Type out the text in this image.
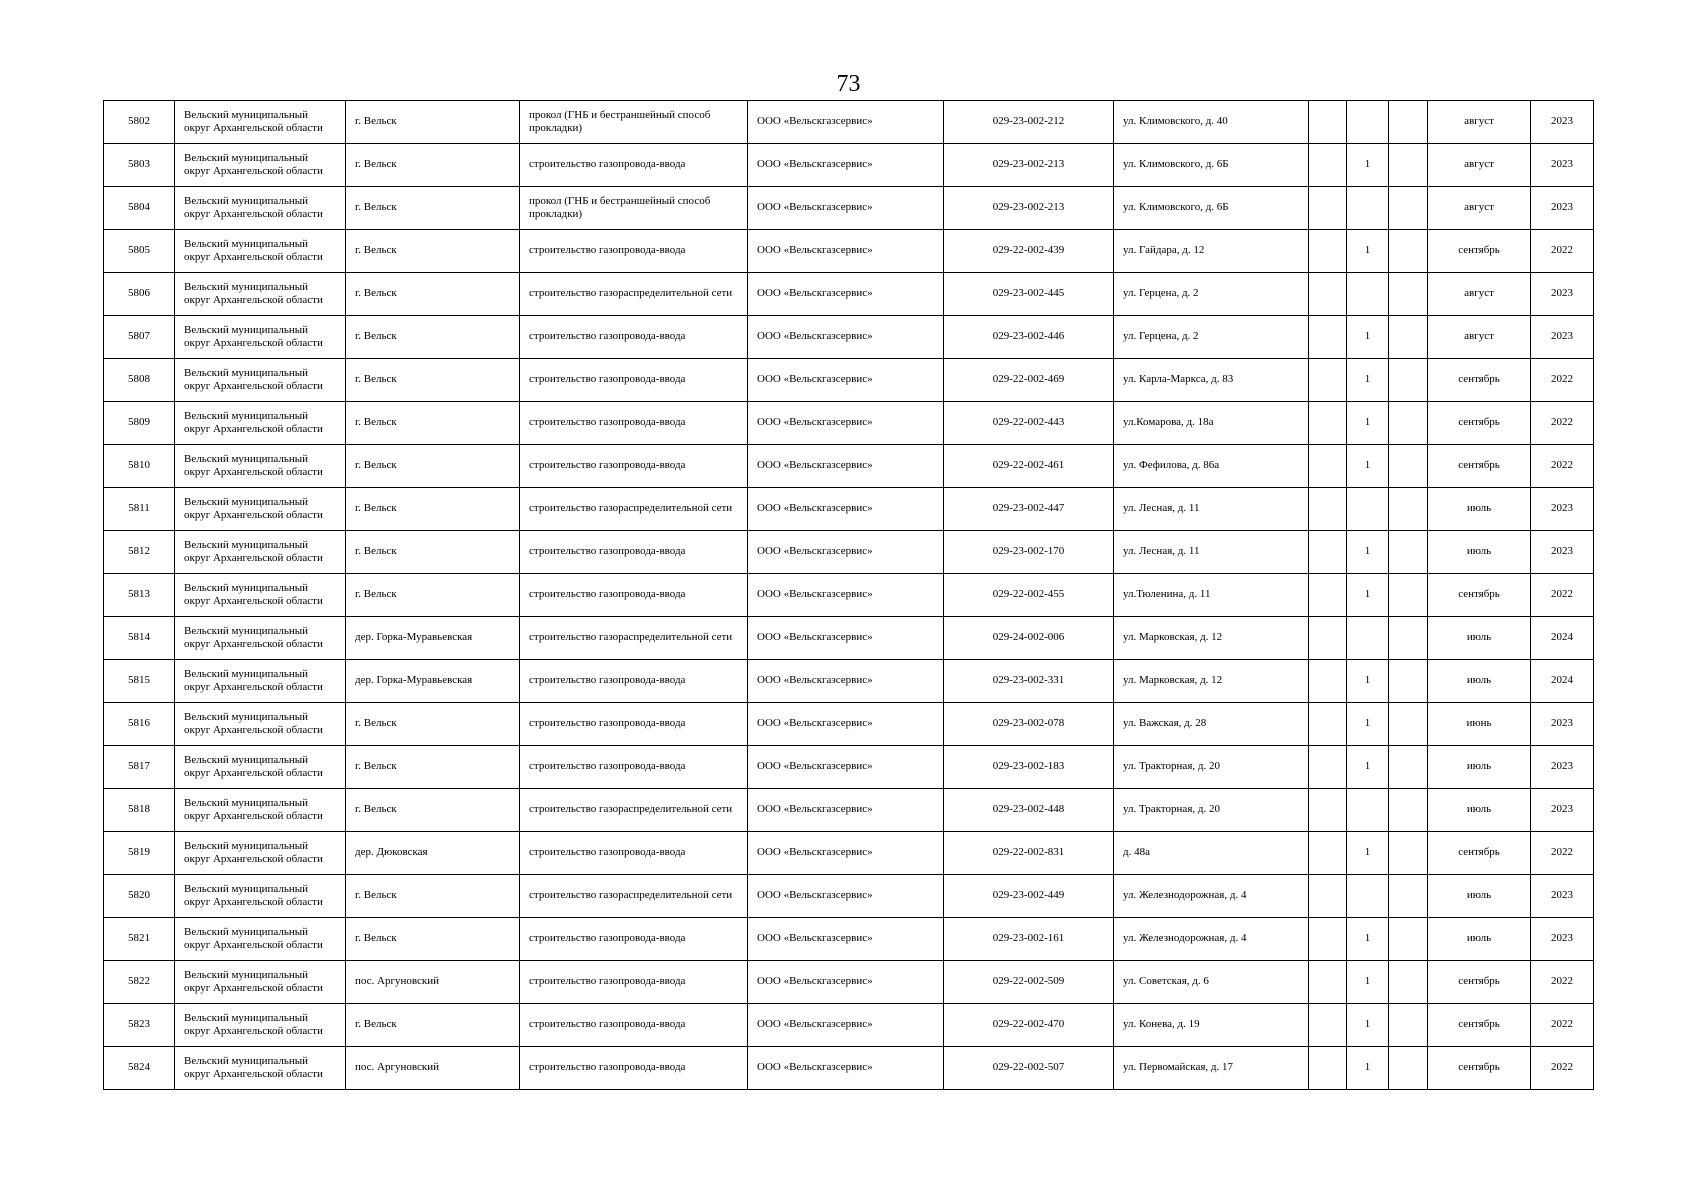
73
5802	Вельский муниципальный округ Архангельской области	г. Вельск	прокол (ГНБ и бестраншейный способ прокладки)	ООО «Вельскгазсервис»	029-23-002-212	ул. Климовского, д. 40				август	2023
5803	Вельский муниципальный округ Архангельской области	г. Вельск	строительство газопровода-ввода	ООО «Вельскгазсервис»	029-23-002-213	ул. Климовского, д. 6Б		1		август	2023
5804	Вельский муниципальный округ Архангельской области	г. Вельск	прокол (ГНБ и бестраншейный способ прокладки)	ООО «Вельскгазсервис»	029-23-002-213	ул. Климовского, д. 6Б				август	2023
5805	Вельский муниципальный округ Архангельской области	г. Вельск	строительство газопровода-ввода	ООО «Вельскгазсервис»	029-22-002-439	ул. Гайдара, д. 12		1		сентябрь	2022
5806	Вельский муниципальный округ Архангельской области	г. Вельск	строительство газораспределительной сети	ООО «Вельскгазсервис»	029-23-002-445	ул. Герцена, д. 2				август	2023
5807	Вельский муниципальный округ Архангельской области	г. Вельск	строительство газопровода-ввода	ООО «Вельскгазсервис»	029-23-002-446	ул. Герцена, д. 2		1		август	2023
5808	Вельский муниципальный округ Архангельской области	г. Вельск	строительство газопровода-ввода	ООО «Вельскгазсервис»	029-22-002-469	ул. Карла-Маркса, д. 83		1		сентябрь	2022
5809	Вельский муниципальный округ Архангельской области	г. Вельск	строительство газопровода-ввода	ООО «Вельскгазсервис»	029-22-002-443	ул.Комарова, д. 18а		1		сентябрь	2022
5810	Вельский муниципальный округ Архангельской области	г. Вельск	строительство газопровода-ввода	ООО «Вельскгазсервис»	029-22-002-461	ул. Фефилова, д. 86а		1		сентябрь	2022
5811	Вельский муниципальный округ Архангельской области	г. Вельск	строительство газораспределительной сети	ООО «Вельскгазсервис»	029-23-002-447	ул. Лесная, д. 11				июль	2023
5812	Вельский муниципальный округ Архангельской области	г. Вельск	строительство газопровода-ввода	ООО «Вельскгазсервис»	029-23-002-170	ул. Лесная, д. 11		1		июль	2023
5813	Вельский муниципальный округ Архангельской области	г. Вельск	строительство газопровода-ввода	ООО «Вельскгазсервис»	029-22-002-455	ул.Тюленина, д. 11		1		сентябрь	2022
5814	Вельский муниципальный округ Архангельской области	дер. Горка-Муравьевская	строительство газораспределительной сети	ООО «Вельскгазсервис»	029-24-002-006	ул. Марковская, д. 12				июль	2024
5815	Вельский муниципальный округ Архангельской области	дер. Горка-Муравьевская	строительство газопровода-ввода	ООО «Вельскгазсервис»	029-23-002-331	ул. Марковская, д. 12		1		июль	2024
5816	Вельский муниципальный округ Архангельской области	г. Вельск	строительство газопровода-ввода	ООО «Вельскгазсервис»	029-23-002-078	ул. Важская, д. 28		1		июнь	2023
5817	Вельский муниципальный округ Архангельской области	г. Вельск	строительство газопровода-ввода	ООО «Вельскгазсервис»	029-23-002-183	ул. Тракторная, д. 20		1		июль	2023
5818	Вельский муниципальный округ Архангельской области	г. Вельск	строительство газораспределительной сети	ООО «Вельскгазсервис»	029-23-002-448	ул. Тракторная, д. 20				июль	2023
5819	Вельский муниципальный округ Архангельской области	дер. Дюковская	строительство газопровода-ввода	ООО «Вельскгазсервис»	029-22-002-831	д. 48а		1		сентябрь	2022
5820	Вельский муниципальный округ Архангельской области	г. Вельск	строительство газораспределительной сети	ООО «Вельскгазсервис»	029-23-002-449	ул. Железнодорожная, д. 4				июль	2023
5821	Вельский муниципальный округ Архангельской области	г. Вельск	строительство газопровода-ввода	ООО «Вельскгазсервис»	029-23-002-161	ул. Железнодорожная, д. 4		1		июль	2023
5822	Вельский муниципальный округ Архангельской области	пос. Аргуновский	строительство газопровода-ввода	ООО «Вельскгазсервис»	029-22-002-509	ул. Советская, д. 6		1		сентябрь	2022
5823	Вельский муниципальный округ Архангельской области	г. Вельск	строительство газопровода-ввода	ООО «Вельскгазсервис»	029-22-002-470	ул. Конева, д. 19		1		сентябрь	2022
5824	Вельский муниципальный округ Архангельской области	пос. Аргуновский	строительство газопровода-ввода	ООО «Вельскгазсервис»	029-22-002-507	ул. Первомайская, д. 17		1		сентябрь	2022
